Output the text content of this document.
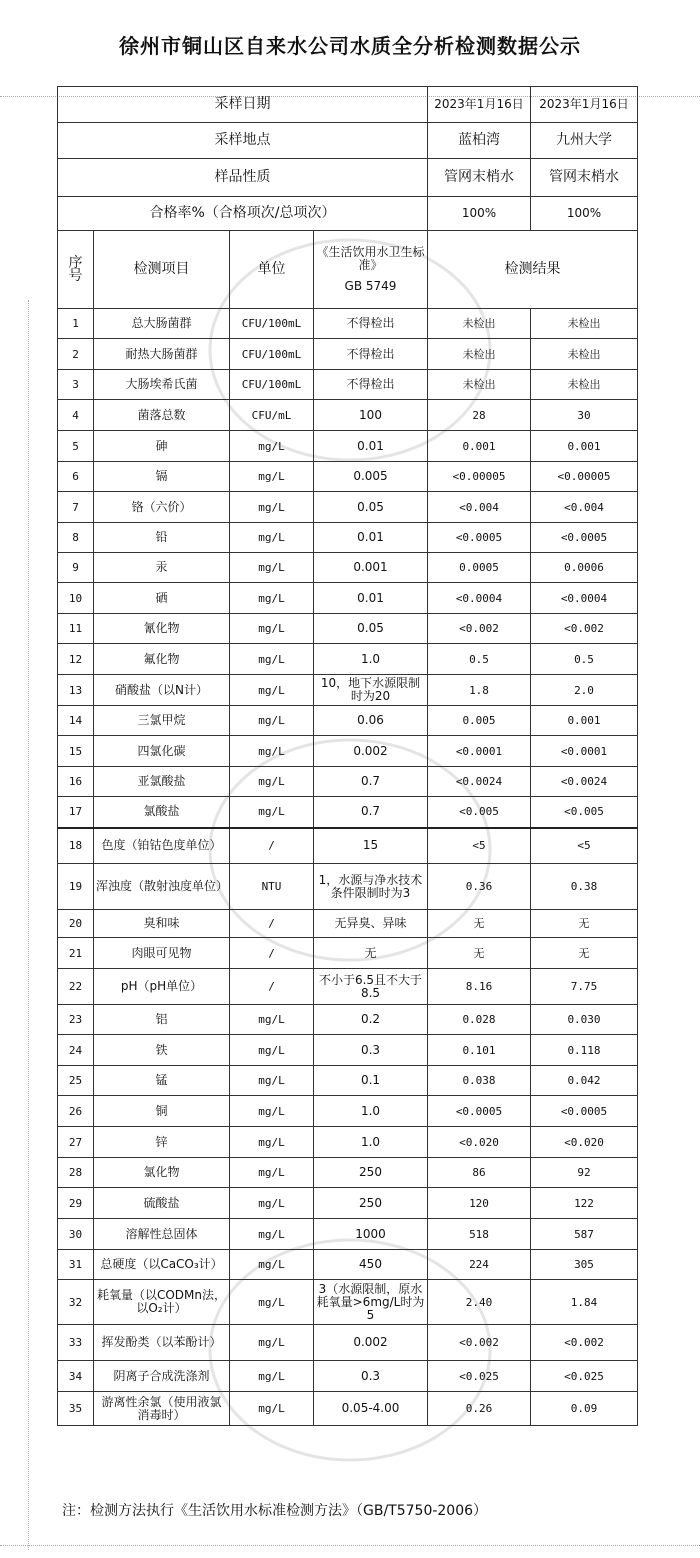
徐州市铜山区自来水公司水质全分析检测数据公示
采样日期				2023年1月16日	2023年1月16日
采样地点				蓝柏湾	九州大学
样品性质				管网末梢水	管网末梢水
合格率%（合格项次/总项次）				100%	100%
序号	检测项目	单位	《生活饮用水卫生标准》
GB 5749	检测结果	
1	总大肠菌群	CFU/100mL	不得检出	未检出	未检出
2	耐热大肠菌群	CFU/100mL	不得检出	未检出	未检出
3	大肠埃希氏菌	CFU/100mL	不得检出	未检出	未检出
4	菌落总数	CFU/mL	100	28	30
5	砷	mg/L	0.01	0.001	0.001
6	镉	mg/L	0.005	<0.00005	<0.00005
7	铬（六价）	mg/L	0.05	<0.004	<0.004
8	铅	mg/L	0.01	<0.0005	<0.0005
9	汞	mg/L	0.001	0.0005	0.0006
10	硒	mg/L	0.01	<0.0004	<0.0004
11	氰化物	mg/L	0.05	<0.002	<0.002
12	氟化物	mg/L	1.0	0.5	0.5
13	硝酸盐（以N计）	mg/L	10，地下水源限制时为20	1.8	2.0
14	三氯甲烷	mg/L	0.06	0.005	0.001
15	四氯化碳	mg/L	0.002	<0.0001	<0.0001
16	亚氯酸盐	mg/L	0.7	<0.0024	<0.0024
17	氯酸盐	mg/L	0.7	<0.005	<0.005
18	色度（铂钴色度单位）	/	15	<5	<5
19	浑浊度（散射浊度单位）	NTU	1，水源与净水技术条件限制时为3	0.36	0.38
20	臭和味	/	无异臭、异味	无	无
21	肉眼可见物	/	无	无	无
22	pH（pH单位）	/	不小于6.5且不大于8.5	8.16	7.75
23	铝	mg/L	0.2	0.028	0.030
24	铁	mg/L	0.3	0.101	0.118
25	锰	mg/L	0.1	0.038	0.042
26	铜	mg/L	1.0	<0.0005	<0.0005
27	锌	mg/L	1.0	<0.020	<0.020
28	氯化物	mg/L	250	86	92
29	硫酸盐	mg/L	250	120	122
30	溶解性总固体	mg/L	1000	518	587
31	总硬度（以CaCO₃计）	mg/L	450	224	305
32	耗氧量（以CODMn法，以O₂计）	mg/L	3（水源限制，原水耗氧量>6mg/L时为5	2.40	1.84
33	挥发酚类（以苯酚计）	mg/L	0.002	<0.002	<0.002
34	阴离子合成洗涤剂	mg/L	0.3	<0.025	<0.025
35	游离性余氯（使用液氯消毒时）	mg/L	0.05-4.00	0.26	0.09
注：检测方法执行《生活饮用水标准检测方法》（GB/T5750-2006）
